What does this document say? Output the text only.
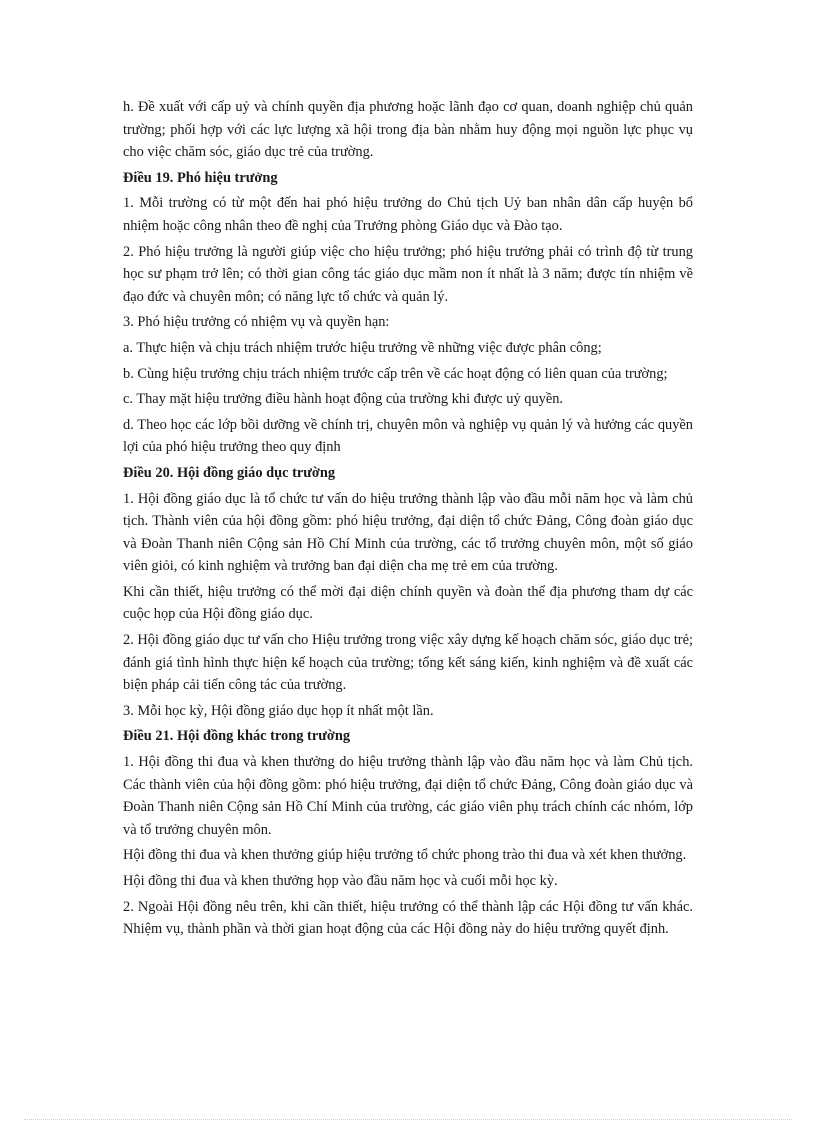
h. Đề xuất với cấp uỷ và chính quyền địa phương hoặc lãnh đạo cơ quan, doanh nghiệp chủ quản trường; phối hợp với các lực lượng xã hội trong địa bàn nhằm huy động mọi nguồn lực phục vụ cho việc chăm sóc, giáo dục trẻ của trường.

Điều 19. Phó hiệu trưởng

1. Mỗi trường có từ một đến hai phó hiệu trưởng do Chủ tịch Uỷ ban nhân dân cấp huyện bổ nhiệm hoặc công nhân theo đề nghị của Trưởng phòng Giáo dục và Đào tạo.

2. Phó hiệu trưởng là người giúp việc cho hiệu trưởng; phó hiệu trưởng phải có trình độ từ trung học sư phạm trở lên; có thời gian công tác giáo dục mầm non ít nhất là 3 năm; được tín nhiệm về đạo đức và chuyên môn; có năng lực tổ chức và quản lý.

3. Phó hiệu trưởng có nhiệm vụ và quyền hạn:

a. Thực hiện và chịu trách nhiệm trước hiệu trưởng về những việc được phân công;

b. Cùng hiệu trưởng chịu trách nhiệm trước cấp trên về các hoạt động có liên quan của trường;

c. Thay mặt hiệu trưởng điều hành hoạt động của trường khi được uỷ quyền.

d. Theo học các lớp bồi dưỡng về chính trị, chuyên môn và nghiệp vụ quản lý và hưởng các quyền lợi của phó hiệu trưởng theo quy định

Điều 20. Hội đồng giáo dục trường

1. Hội đồng giáo dục là tổ chức tư vấn do hiệu trưởng thành lập vào đầu mỗi năm học và làm chủ tịch. Thành viên của hội đồng gồm: phó hiệu trưởng, đại diện tổ chức Đảng, Công đoàn giáo dục và Đoàn Thanh niên Cộng sản Hồ Chí Minh của trường, các tổ trưởng chuyên môn, một số giáo viên giỏi, có kinh nghiệm và trưởng ban đại diện cha mẹ trẻ em của trường.

Khi cần thiết, hiệu trưởng có thể mời đại diện chính quyền và đoàn thể địa phương tham dự các cuộc họp của Hội đồng giáo dục.

2. Hội đồng giáo dục tư vấn cho Hiệu trưởng trong việc xây dựng kế hoạch chăm sóc, giáo dục trẻ; đánh giá tình hình thực hiện kế hoạch của trường; tổng kết sáng kiến, kinh nghiệm và đề xuất các biện pháp cải tiến công tác của trường.

3. Mỗi học kỳ, Hội đồng giáo dục họp ít nhất một lần.

Điều 21. Hội đồng khác trong trường

1. Hội đồng thi đua và khen thưởng do hiệu trưởng thành lập vào đầu năm học và làm Chủ tịch. Các thành viên của hội đồng gồm: phó hiệu trưởng, đại diện tổ chức Đảng, Công đoàn giáo dục và Đoàn Thanh niên Cộng sản Hồ Chí Minh của trường, các giáo viên phụ trách chính các nhóm, lớp và tổ trưởng chuyên môn.

Hội đồng thi đua và khen thưởng giúp hiệu trưởng tổ chức phong trào thi đua và xét khen thưởng.

Hội đồng thi đua và khen thưởng họp vào đầu năm học và cuối mỗi học kỳ.

2. Ngoài Hội đồng nêu trên, khi cần thiết, hiệu trưởng có thể thành lập các Hội đồng tư vấn khác. Nhiệm vụ, thành phần và thời gian hoạt động của các Hội đồng này do hiệu trưởng quyết định.
